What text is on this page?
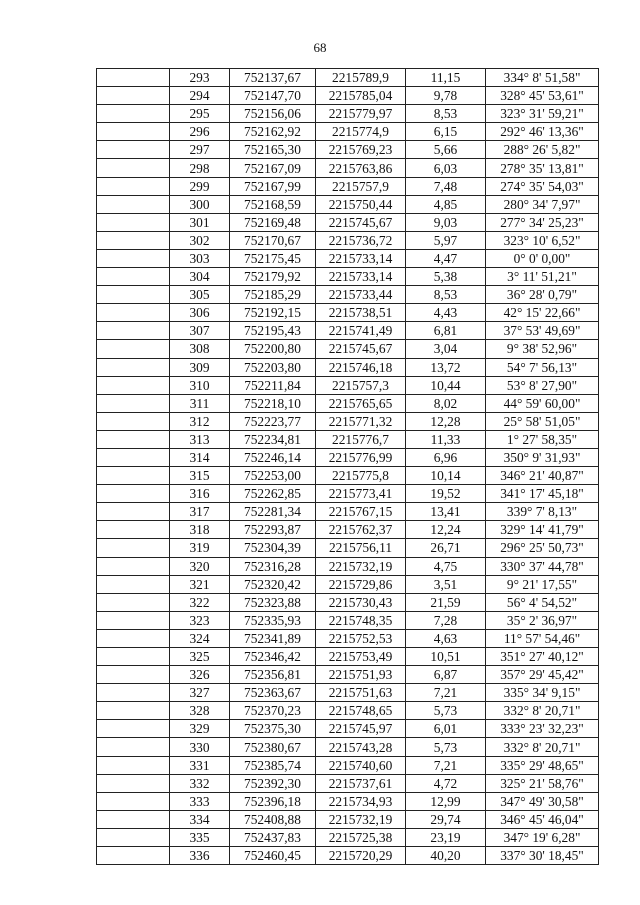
68
	293	752137,67	2215789,9	11,15	334° 8' 51,58"
	294	752147,70	2215785,04	9,78	328° 45' 53,61"
	295	752156,06	2215779,97	8,53	323° 31' 59,21"
	296	752162,92	2215774,9	6,15	292° 46' 13,36"
	297	752165,30	2215769,23	5,66	288° 26' 5,82"
	298	752167,09	2215763,86	6,03	278° 35' 13,81"
	299	752167,99	2215757,9	7,48	274° 35' 54,03"
	300	752168,59	2215750,44	4,85	280° 34' 7,97"
	301	752169,48	2215745,67	9,03	277° 34' 25,23"
	302	752170,67	2215736,72	5,97	323° 10' 6,52"
	303	752175,45	2215733,14	4,47	0° 0' 0,00"
	304	752179,92	2215733,14	5,38	3° 11' 51,21"
	305	752185,29	2215733,44	8,53	36° 28' 0,79"
	306	752192,15	2215738,51	4,43	42° 15' 22,66"
	307	752195,43	2215741,49	6,81	37° 53' 49,69"
	308	752200,80	2215745,67	3,04	9° 38' 52,96"
	309	752203,80	2215746,18	13,72	54° 7' 56,13"
	310	752211,84	2215757,3	10,44	53° 8' 27,90"
	311	752218,10	2215765,65	8,02	44° 59' 60,00"
	312	752223,77	2215771,32	12,28	25° 58' 51,05"
	313	752234,81	2215776,7	11,33	1° 27' 58,35"
	314	752246,14	2215776,99	6,96	350° 9' 31,93"
	315	752253,00	2215775,8	10,14	346° 21' 40,87"
	316	752262,85	2215773,41	19,52	341° 17' 45,18"
	317	752281,34	2215767,15	13,41	339° 7' 8,13"
	318	752293,87	2215762,37	12,24	329° 14' 41,79"
	319	752304,39	2215756,11	26,71	296° 25' 50,73"
	320	752316,28	2215732,19	4,75	330° 37' 44,78"
	321	752320,42	2215729,86	3,51	9° 21' 17,55"
	322	752323,88	2215730,43	21,59	56° 4' 54,52"
	323	752335,93	2215748,35	7,28	35° 2' 36,97"
	324	752341,89	2215752,53	4,63	11° 57' 54,46"
	325	752346,42	2215753,49	10,51	351° 27' 40,12"
	326	752356,81	2215751,93	6,87	357° 29' 45,42"
	327	752363,67	2215751,63	7,21	335° 34' 9,15"
	328	752370,23	2215748,65	5,73	332° 8' 20,71"
	329	752375,30	2215745,97	6,01	333° 23' 32,23"
	330	752380,67	2215743,28	5,73	332° 8' 20,71"
	331	752385,74	2215740,60	7,21	335° 29' 48,65"
	332	752392,30	2215737,61	4,72	325° 21' 58,76"
	333	752396,18	2215734,93	12,99	347° 49' 30,58"
	334	752408,88	2215732,19	29,74	346° 45' 46,04"
	335	752437,83	2215725,38	23,19	347° 19' 6,28"
	336	752460,45	2215720,29	40,20	337° 30' 18,45"
